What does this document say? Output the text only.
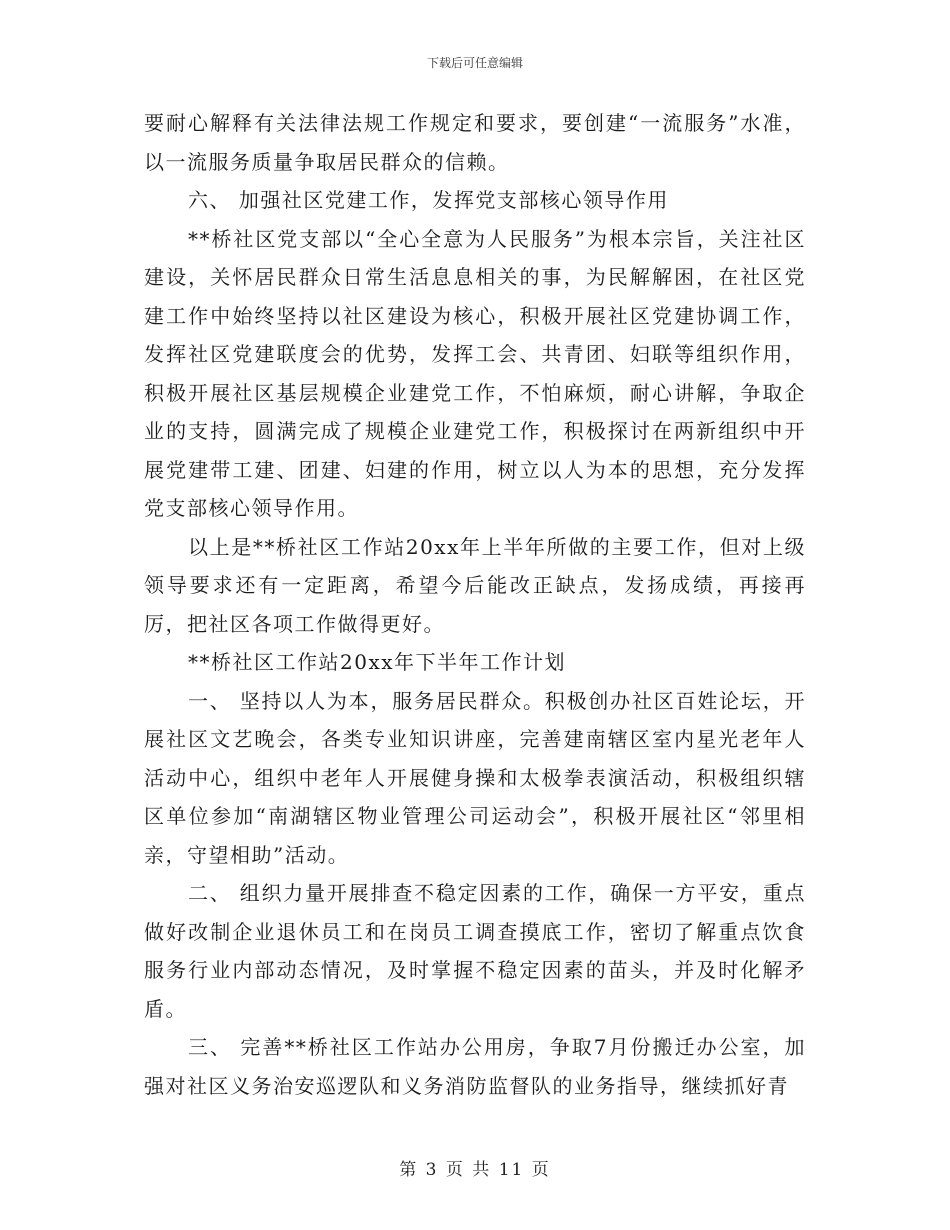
下载后可任意编辑

要耐心解释有关法律法规工作规定和要求，要创建“一流服务”水准，以一流服务质量争取居民群众的信赖。

六、 加强社区党建工作，发挥党支部核心领导作用

**桥社区党支部以“全心全意为人民服务”为根本宗旨，关注社区建设，关怀居民群众日常生活息息相关的事，为民解解困，在社区党建工作中始终坚持以社区建设为核心，积极开展社区党建协调工作，发挥社区党建联度会的优势，发挥工会、共青团、妇联等组织作用，积极开展社区基层规模企业建党工作，不怕麻烦，耐心讲解，争取企业的支持，圆满完成了规模企业建党工作，积极探讨在两新组织中开展党建带工建、团建、妇建的作用，树立以人为本的思想，充分发挥党支部核心领导作用。

以上是**桥社区工作站20xx年上半年所做的主要工作，但对上级领导要求还有一定距离，希望今后能改正缺点，发扬成绩，再接再厉，把社区各项工作做得更好。

**桥社区工作站20xx年下半年工作计划

一、 坚持以人为本，服务居民群众。积极创办社区百姓论坛，开展社区文艺晚会，各类专业知识讲座，完善建南辖区室内星光老年人活动中心，组织中老年人开展健身操和太极拳表演活动，积极组织辖区单位参加“南湖辖区物业管理公司运动会”，积极开展社区“邻里相亲，守望相助”活动。

二、 组织力量开展排查不稳定因素的工作，确保一方平安，重点做好改制企业退休员工和在岗员工调查摸底工作，密切了解重点饮食服务行业内部动态情况，及时掌握不稳定因素的苗头，并及时化解矛盾。

三、 完善**桥社区工作站办公用房，争取7月份搬迁办公室，加强对社区义务治安巡逻队和义务消防监督队的业务指导，继续抓好青

第 3 页 共 11 页
